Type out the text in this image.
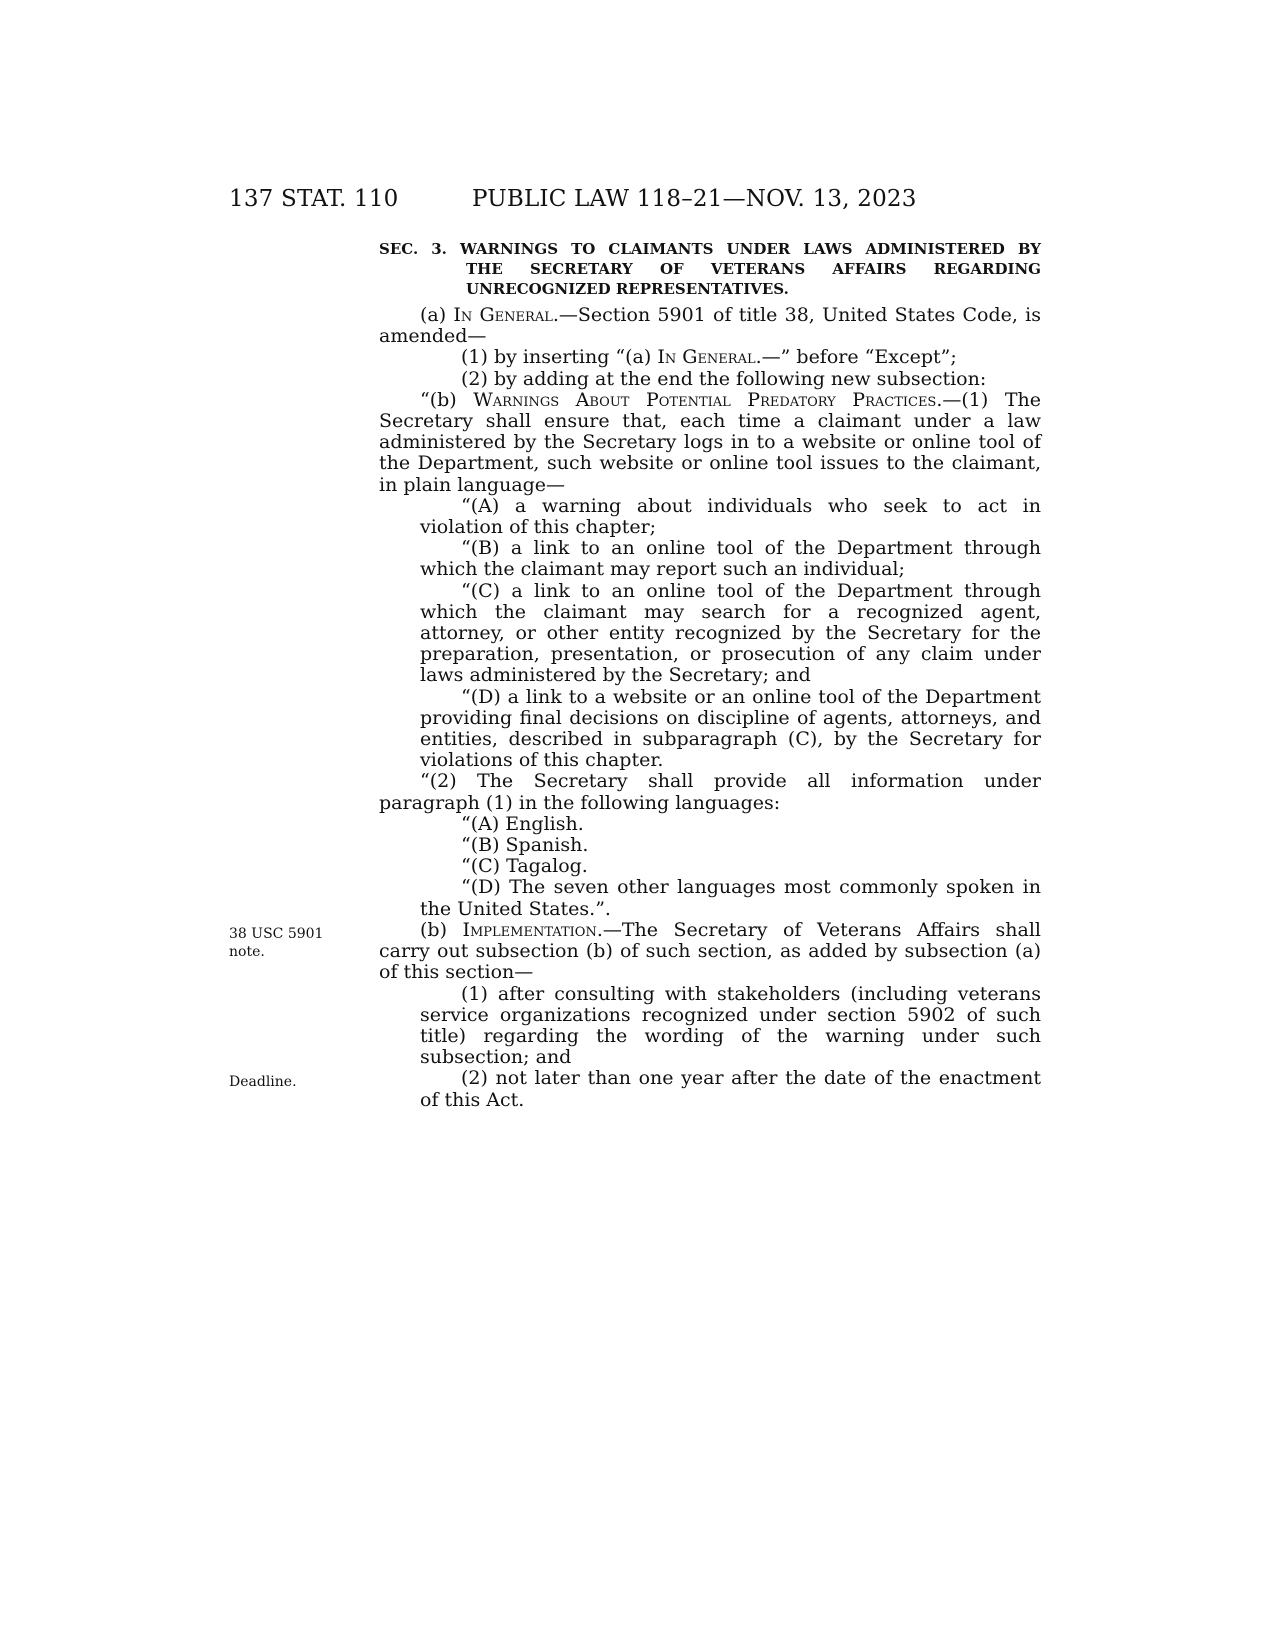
137 STAT. 110	PUBLIC LAW 118–21—NOV. 13, 2023
38 USC 5901
note.
Deadline.
SEC. 3. WARNINGS TO CLAIMANTS UNDER LAWS ADMINISTERED BY
THE SECRETARY OF VETERANS AFFAIRS REGARDING
UNRECOGNIZED REPRESENTATIVES.

(a) In General.—Section 5901 of title 38, United States Code, is amended—

(1) by inserting “(a) In General.—” before “Except”;

(2) by adding at the end the following new subsection:

“(b) Warnings About Potential Predatory Practices.—(1) The Secretary shall ensure that, each time a claimant under a law administered by the Secretary logs in to a website or online tool of the Department, such website or online tool issues to the claimant, in plain language—

“(A) a warning about individuals who seek to act in violation of this chapter;

“(B) a link to an online tool of the Department through which the claimant may report such an individual;

“(C) a link to an online tool of the Department through which the claimant may search for a recognized agent, attorney, or other entity recognized by the Secretary for the preparation, presentation, or prosecution of any claim under laws administered by the Secretary; and

“(D) a link to a website or an online tool of the Department providing final decisions on discipline of agents, attorneys, and entities, described in subparagraph (C), by the Secretary for violations of this chapter.

“(2) The Secretary shall provide all information under paragraph (1) in the following languages:

“(A) English.

“(B) Spanish.

“(C) Tagalog.

“(D) The seven other languages most commonly spoken in the United States.”.

(b) Implementation.—The Secretary of Veterans Affairs shall carry out subsection (b) of such section, as added by subsection (a) of this section—

(1) after consulting with stakeholders (including veterans service organizations recognized under section 5902 of such title) regarding the wording of the warning under such subsection; and

(2) not later than one year after the date of the enactment of this Act.
